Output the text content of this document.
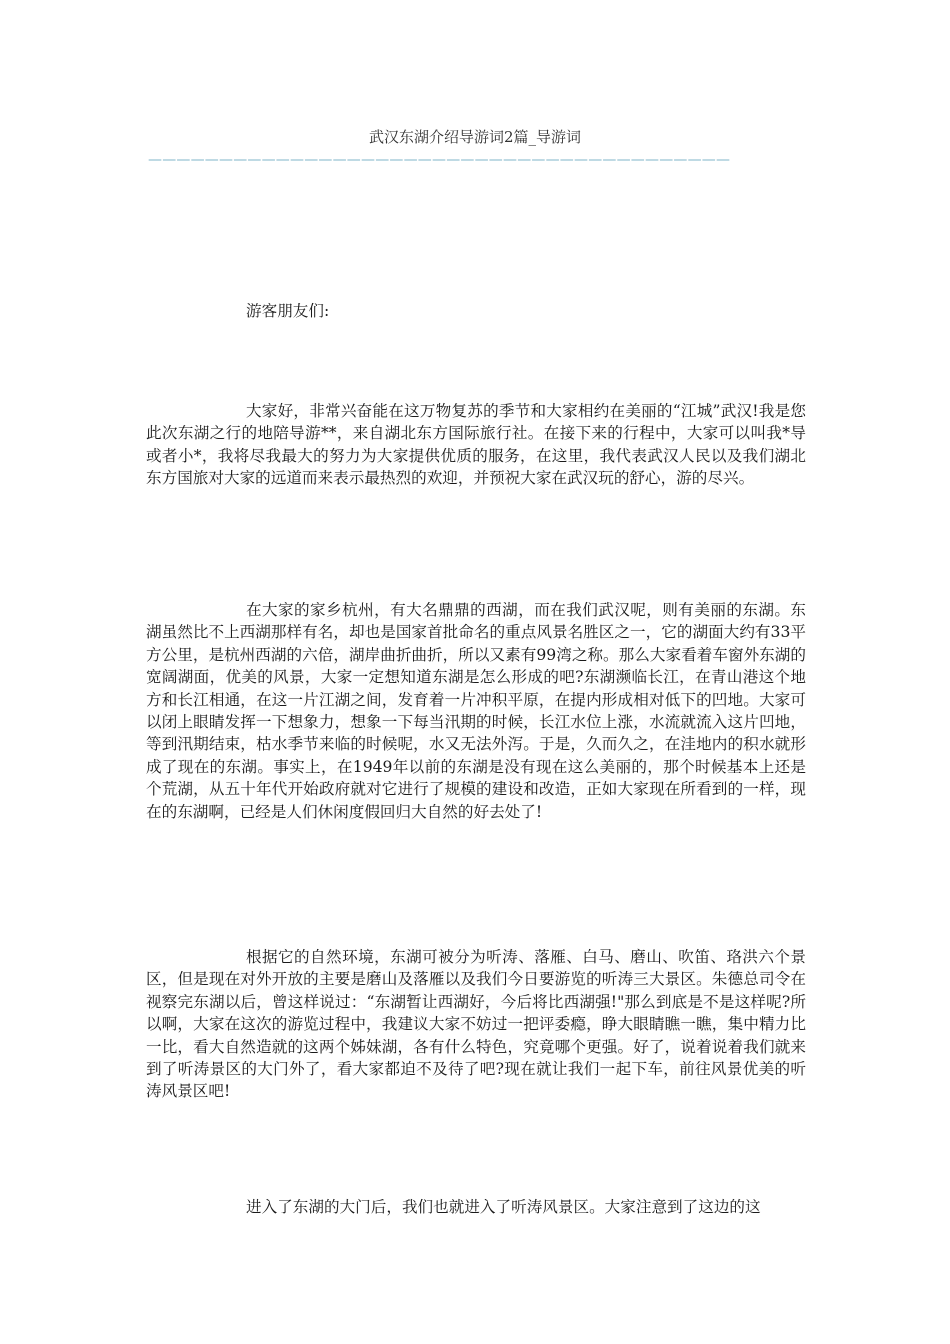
武汉东湖介绍导游词2篇_导游词
—————————————————————————————————————————

游客朋友们:

大家好，非常兴奋能在这万物复苏的季节和大家相约在美丽的“江城”武汉!我是您此次东湖之行的地陪导游**，来自湖北东方国际旅行社。在接下来的行程中，大家可以叫我*导或者小*，我将尽我最大的努力为大家提供优质的服务，在这里，我代表武汉人民以及我们湖北东方国旅对大家的远道而来表示最热烈的欢迎，并预祝大家在武汉玩的舒心，游的尽兴。

在大家的家乡杭州，有大名鼎鼎的西湖，而在我们武汉呢，则有美丽的东湖。东湖虽然比不上西湖那样有名，却也是国家首批命名的重点风景名胜区之一，它的湖面大约有33平方公里，是杭州西湖的六倍，湖岸曲折曲折，所以又素有99湾之称。那么大家看着车窗外东湖的宽阔湖面，优美的风景，大家一定想知道东湖是怎么形成的吧?东湖濒临长江，在青山港这个地方和长江相通，在这一片江湖之间，发育着一片冲积平原，在提内形成相对低下的凹地。大家可以闭上眼睛发挥一下想象力，想象一下每当汛期的时候，长江水位上涨，水流就流入这片凹地，等到汛期结束，枯水季节来临的时候呢，水又无法外泻。于是，久而久之，在洼地内的积水就形成了现在的东湖。事实上，在1949年以前的东湖是没有现在这么美丽的，那个时候基本上还是个荒湖，从五十年代开始政府就对它进行了规模的建设和改造，正如大家现在所看到的一样，现在的东湖啊，已经是人们休闲度假回归大自然的好去处了!

根据它的自然环境，东湖可被分为听涛、落雁、白马、磨山、吹笛、珞洪六个景区，但是现在对外开放的主要是磨山及落雁以及我们今日要游览的听涛三大景区。朱德总司令在视察完东湖以后，曾这样说过：“东湖暂让西湖好，今后将比西湖强!"那么到底是不是这样呢?所以啊，大家在这次的游览过程中，我建议大家不妨过一把评委瘾，睁大眼睛瞧一瞧，集中精力比一比，看大自然造就的这两个姊妹湖，各有什么特色，究竟哪个更强。好了，说着说着我们就来到了听涛景区的大门外了，看大家都迫不及待了吧?现在就让我们一起下车，前往风景优美的听涛风景区吧!

进入了东湖的大门后，我们也就进入了听涛风景区。大家注意到了这边的这
